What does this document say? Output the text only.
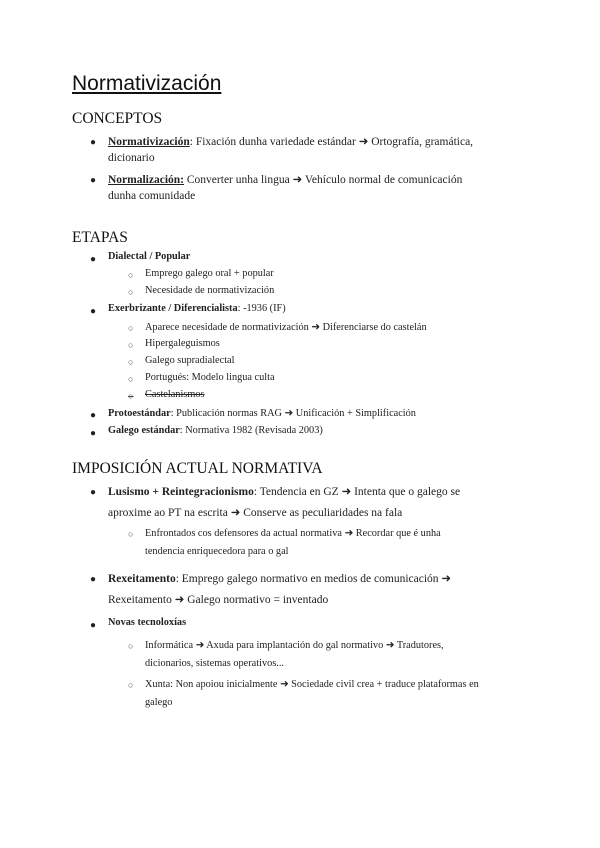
Normativización
CONCEPTOS
● Normativización: Fixación dunha variedade estándar ➜ Ortografía, gramática,
dicionario
● Normalización: Converter unha lingua ➜ Vehículo normal de comunicación
dunha comunidade
ETAPAS
● Dialectal / Popular
○ Emprego galego oral + popular
○ Necesidade de normativización
● Exerbrizante / Diferencialista: -1936 (IF)
○ Aparece necesidade de normativización ➜ Diferenciarse do castelán
○ Hipergaleguismos
○ Galego supradialectal
○ Portugués: Modelo lingua culta
○ Castelanismos
● Protoestándar: Publicación normas RAG ➜ Unificación + Simplificación
● Galego estándar: Normativa 1982 (Revisada 2003)
IMPOSICIÓN ACTUAL NORMATIVA
● Lusismo + Reintegracionismo: Tendencia en GZ ➜ Intenta que o galego se
aproxime ao PT na escrita ➜ Conserve as peculiaridades na fala
○ Enfrontados cos defensores da actual normativa ➜ Recordar que é unha
tendencia enriquecedora para o gal
● Rexeitamento: Emprego galego normativo en medios de comunicación ➜
Rexeitamento ➜ Galego normativo = inventado
● Novas tecnoloxías
○ Informática ➜ Axuda para implantación do gal normativo ➜ Tradutores,
dicionarios, sistemas operativos...
○ Xunta: Non apoiou inicialmente ➜ Sociedade civil crea + traduce plataformas en
galego
